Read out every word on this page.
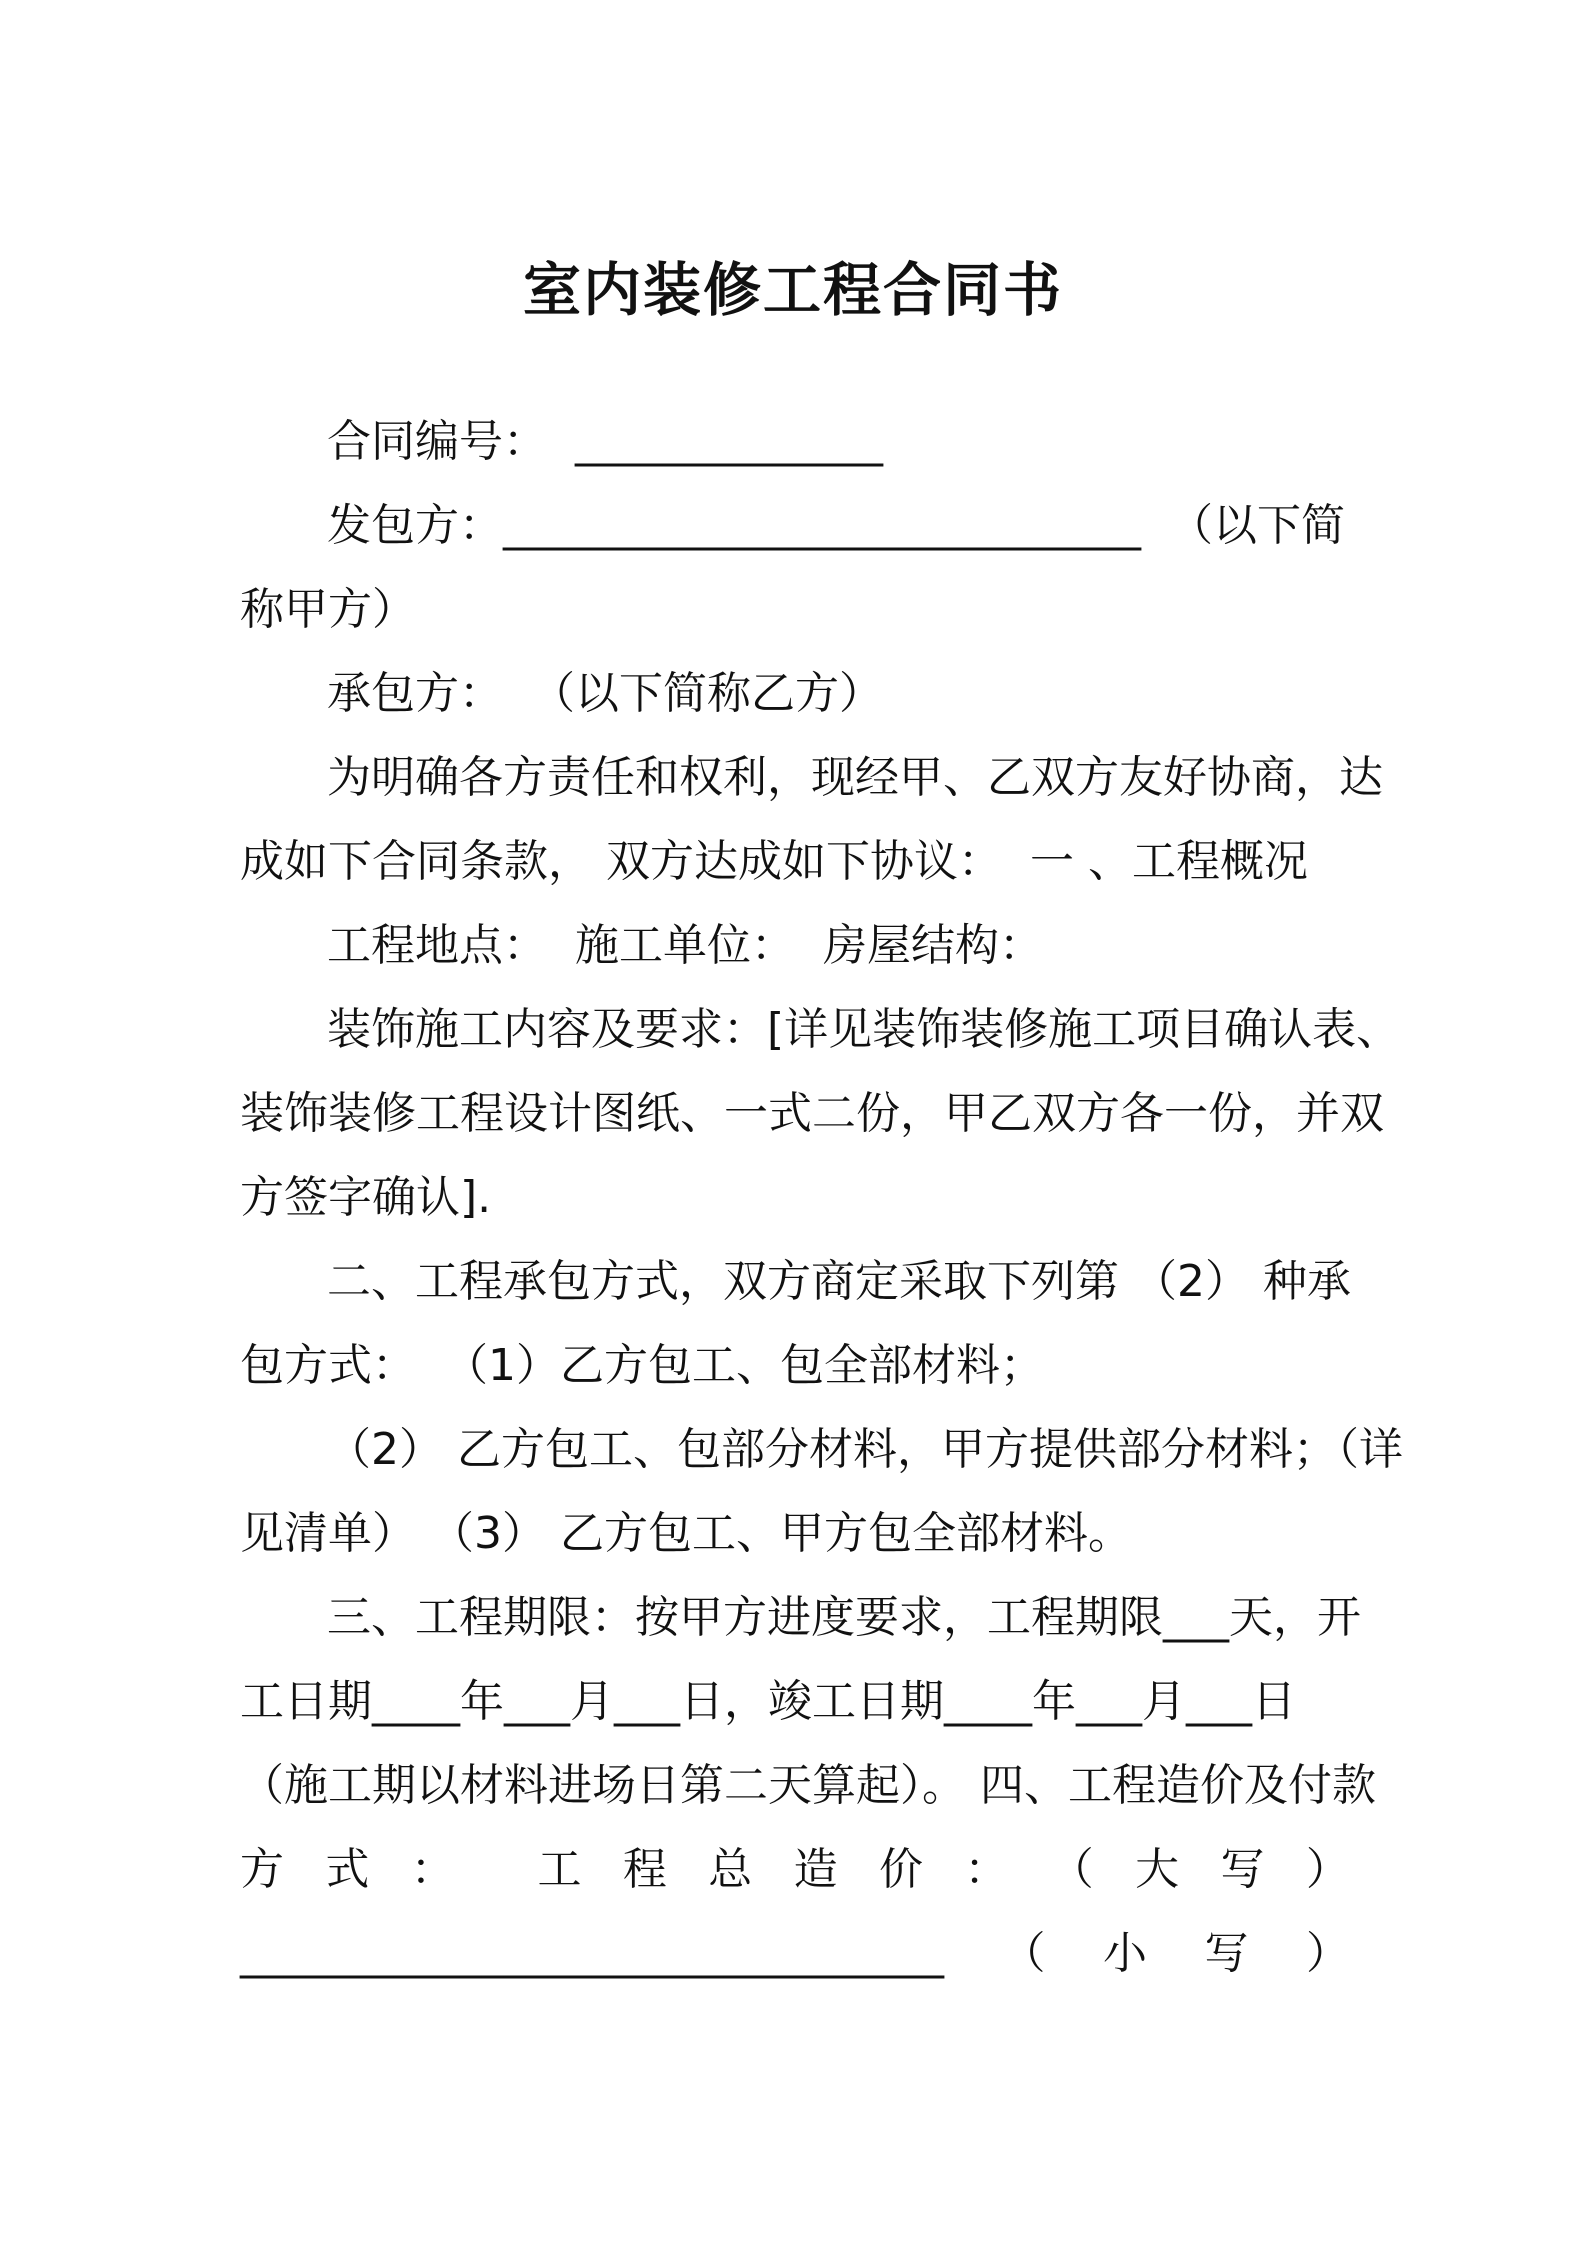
室内装修工程合同书
合同编号：  ______________
发包方：_____________________________  （以下简
称甲方）
承包方：  （以下简称乙方）
为明确各方责任和权利，现经甲、乙双方友好协商，达
成如下合同条款， 双方达成如下协议：  一 、工程概况
工程地点：  施工单位：  房屋结构：
装饰施工内容及要求：[详见装饰装修施工项目确认表、
装饰装修工程设计图纸、一式二份，甲乙双方各一份，并双
方签字确认].
二、工程承包方式，双方商定采取下列第 （2） 种承
包方式：  （1）乙方包工、包全部材料；
（2） 乙方包工、包部分材料，甲方提供部分材料；（详
见清单） （3） 乙方包工、甲方包全部材料。
三、工程期限：按甲方进度要求，工程期限___天，开
工日期____年___月___日，竣工日期____年___月___日
（施工期以材料进场日第二天算起）。 四、工程造价及付款
方 式 ： 工 程 总 造 价 ： （ 大 写 ）
________________________________ （ 小 写 ）
